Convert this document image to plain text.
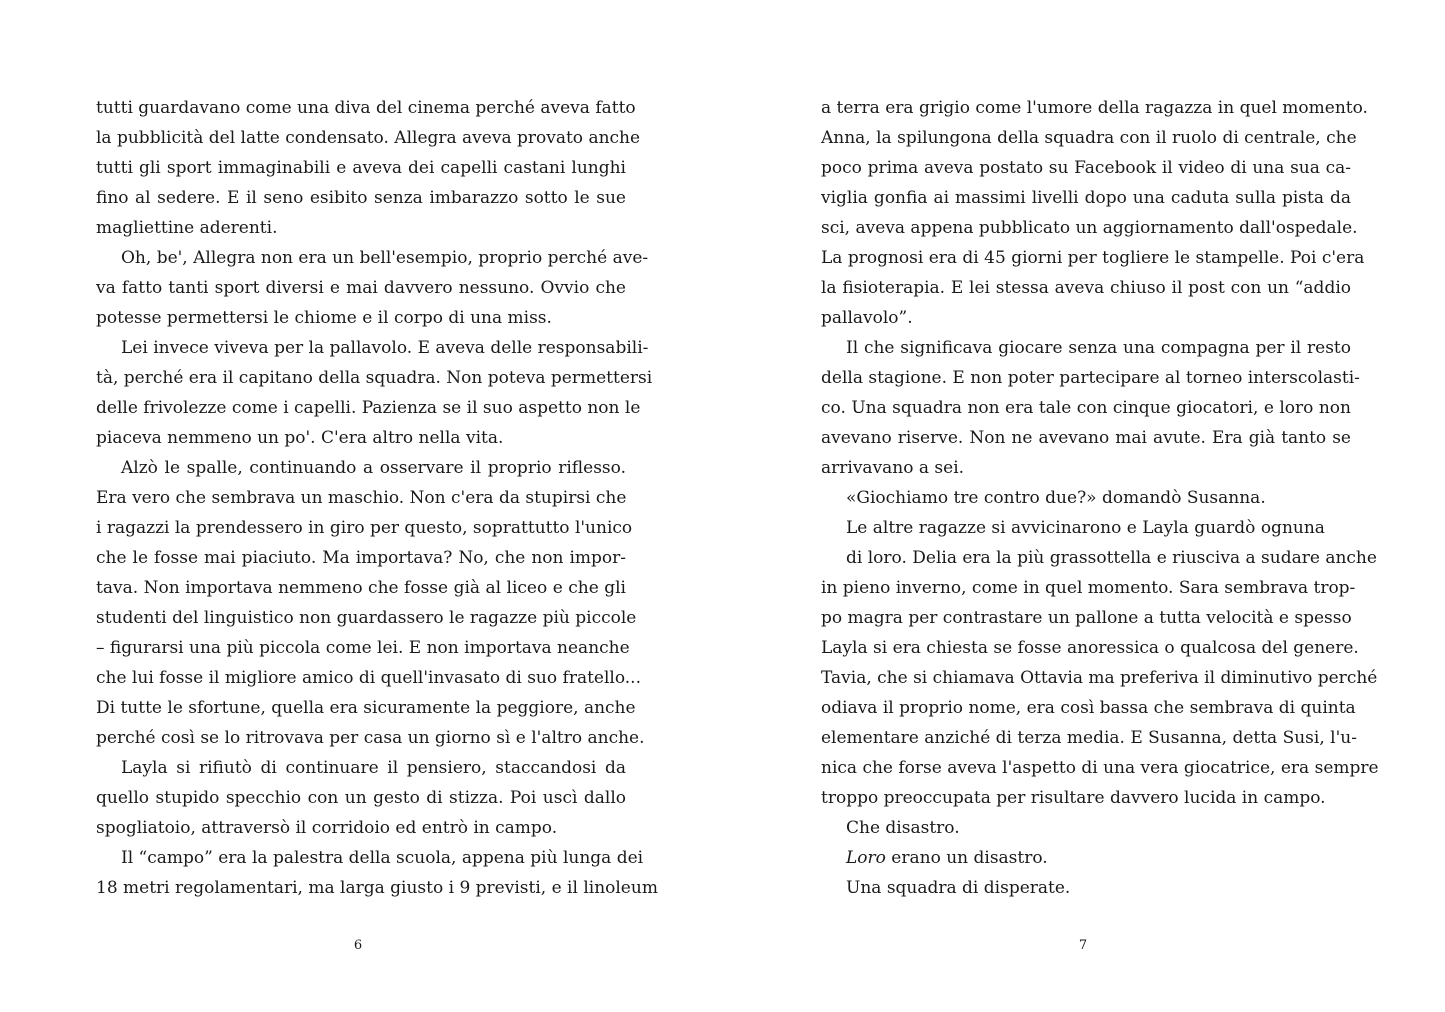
tutti guardavano come una diva del cinema perché aveva fatto
la pubblicità del latte condensato. Allegra aveva provato anche
tutti gli sport immaginabili e aveva dei capelli castani lunghi
fino al sedere. E il seno esibito senza imbarazzo sotto le sue
magliettine aderenti.
Oh, be', Allegra non era un bell'esempio, proprio perché ave-
va fatto tanti sport diversi e mai davvero nessuno. Ovvio che
potesse permettersi le chiome e il corpo di una miss.
Lei invece viveva per la pallavolo. E aveva delle responsabili-
tà, perché era il capitano della squadra. Non poteva permettersi
delle frivolezze come i capelli. Pazienza se il suo aspetto non le
piaceva nemmeno un po'. C'era altro nella vita.
Alzò le spalle, continuando a osservare il proprio riflesso.
Era vero che sembrava un maschio. Non c'era da stupirsi che
i ragazzi la prendessero in giro per questo, soprattutto l'unico
che le fosse mai piaciuto. Ma importava? No, che non impor-
tava. Non importava nemmeno che fosse già al liceo e che gli
studenti del linguistico non guardassero le ragazze più piccole
– figurarsi una più piccola come lei. E non importava neanche
che lui fosse il migliore amico di quell'invasato di suo fratello...
Di tutte le sfortune, quella era sicuramente la peggiore, anche
perché così se lo ritrovava per casa un giorno sì e l'altro anche.
Layla si rifiutò di continuare il pensiero, staccandosi da
quello stupido specchio con un gesto di stizza. Poi uscì dallo
spogliatoio, attraversò il corridoio ed entrò in campo.
Il “campo” era la palestra della scuola, appena più lunga dei
18 metri regolamentari, ma larga giusto i 9 previsti, e il linoleum
6
a terra era grigio come l'umore della ragazza in quel momento.
Anna, la spilungona della squadra con il ruolo di centrale, che
poco prima aveva postato su Facebook il video di una sua ca-
viglia gonfia ai massimi livelli dopo una caduta sulla pista da
sci, aveva appena pubblicato un aggiornamento dall'ospedale.
La prognosi era di 45 giorni per togliere le stampelle. Poi c'era
la fisioterapia. E lei stessa aveva chiuso il post con un “addio
pallavolo”.
Il che significava giocare senza una compagna per il resto
della stagione. E non poter partecipare al torneo interscolasti-
co. Una squadra non era tale con cinque giocatori, e loro non
avevano riserve. Non ne avevano mai avute. Era già tanto se
arrivavano a sei.
«Giochiamo tre contro due?» domandò Susanna.
Le altre ragazze si avvicinarono e Layla guardò ognuna
di loro. Delia era la più grassottella e riusciva a sudare anche
in pieno inverno, come in quel momento. Sara sembrava trop-
po magra per contrastare un pallone a tutta velocità e spesso
Layla si era chiesta se fosse anoressica o qualcosa del genere.
Tavia, che si chiamava Ottavia ma preferiva il diminutivo perché
odiava il proprio nome, era così bassa che sembrava di quinta
elementare anziché di terza media. E Susanna, detta Susi, l'u-
nica che forse aveva l'aspetto di una vera giocatrice, era sempre
troppo preoccupata per risultare davvero lucida in campo.
Che disastro.
Loro erano un disastro.
Una squadra di disperate.
7
